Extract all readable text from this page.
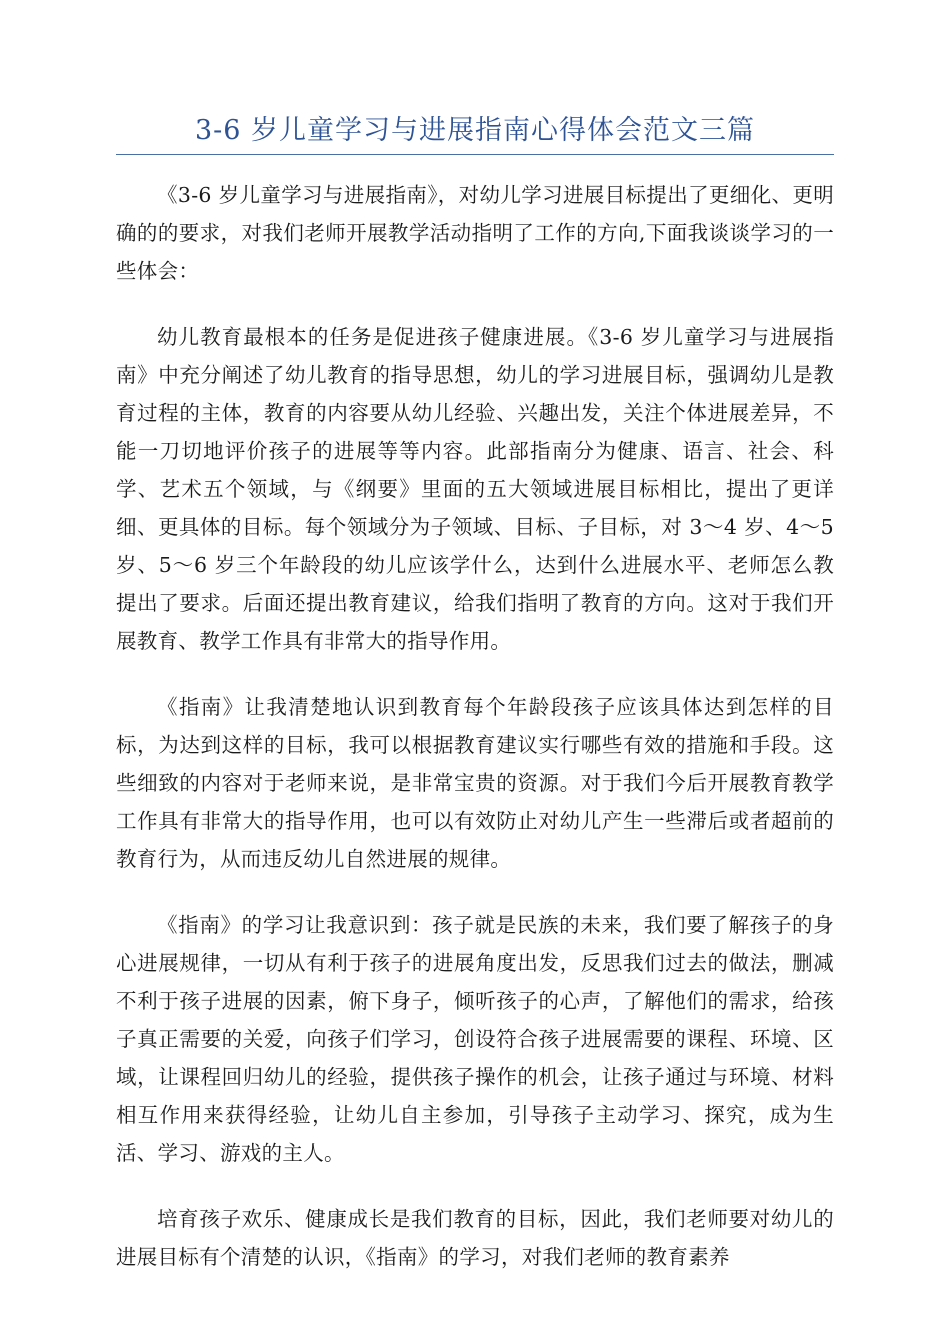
3-6 岁儿童学习与进展指南心得体会范文三篇

《3-6 岁儿童学习与进展指南》，对幼儿学习进展目标提出了更细化、更明确的的要求，对我们老师开展教学活动指明了工作的方向,下面我谈谈学习的一些体会：

幼儿教育最根本的任务是促进孩子健康进展。《3-6 岁儿童学习与进展指南》中充分阐述了幼儿教育的指导思想，幼儿的学习进展目标，强调幼儿是教育过程的主体，教育的内容要从幼儿经验、兴趣出发，关注个体进展差异，不能一刀切地评价孩子的进展等等内容。此部指南分为健康、语言、社会、科学、艺术五个领域，与《纲要》里面的五大领域进展目标相比，提出了更详细、更具体的目标。每个领域分为子领域、目标、子目标，对 3～4 岁、4～5 岁、5～6 岁三个年龄段的幼儿应该学什么，达到什么进展水平、老师怎么教提出了要求。后面还提出教育建议，给我们指明了教育的方向。这对于我们开展教育、教学工作具有非常大的指导作用。

《指南》让我清楚地认识到教育每个年龄段孩子应该具体达到怎样的目标，为达到这样的目标，我可以根据教育建议实行哪些有效的措施和手段。这些细致的内容对于老师来说，是非常宝贵的资源。对于我们今后开展教育教学工作具有非常大的指导作用，也可以有效防止对幼儿产生一些滞后或者超前的教育行为，从而违反幼儿自然进展的规律。

《指南》的学习让我意识到：孩子就是民族的未来，我们要了解孩子的身心进展规律，一切从有利于孩子的进展角度出发，反思我们过去的做法，删减不利于孩子进展的因素，俯下身子，倾听孩子的心声，了解他们的需求，给孩子真正需要的关爱，向孩子们学习，创设符合孩子进展需要的课程、环境、区域，让课程回归幼儿的经验，提供孩子操作的机会，让孩子通过与环境、材料相互作用来获得经验，让幼儿自主参加，引导孩子主动学习、探究，成为生活、学习、游戏的主人。

培育孩子欢乐、健康成长是我们教育的目标，因此，我们老师要对幼儿的进展目标有个清楚的认识，《指南》的学习，对我们老师的教育素养
